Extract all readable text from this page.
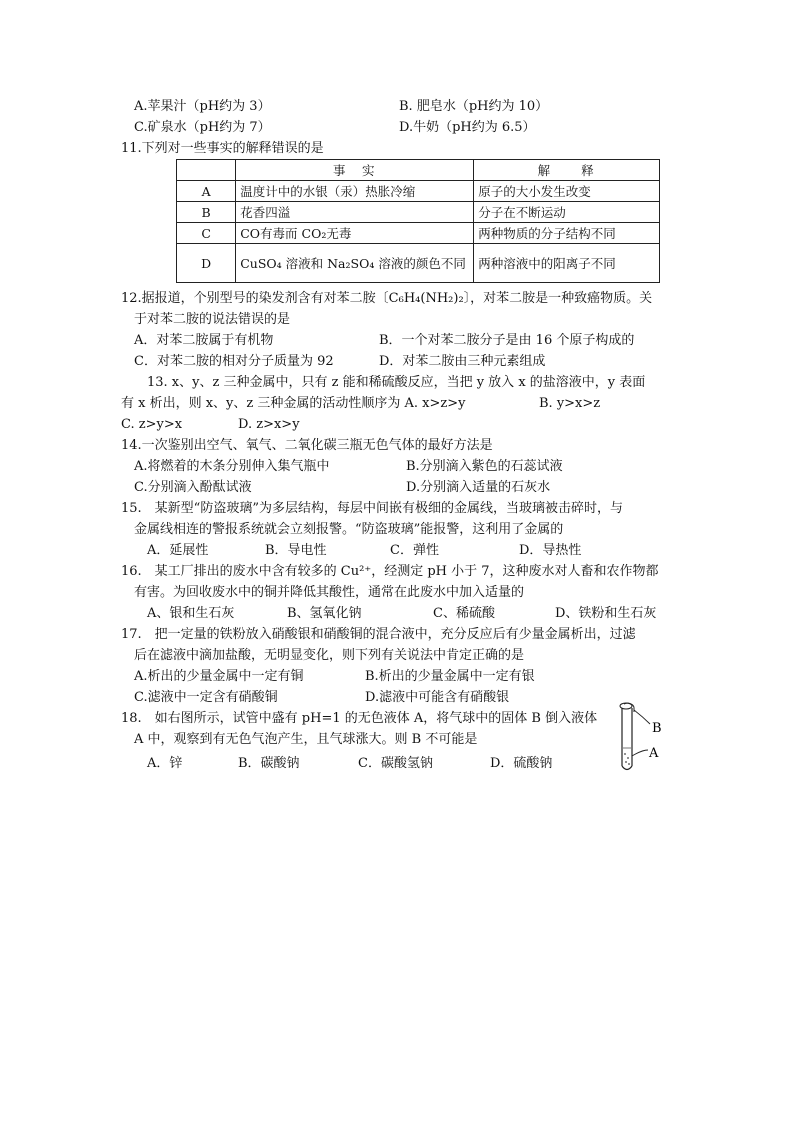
A.苹果汁（pH约为 3）	B. 肥皂水（pH约为 10）
C.矿泉水（pH约为 7）	D.牛奶（pH约为 6.5）
11.下列对一些事实的解释错误的是
	事　实	解　　释
A	温度计中的水银（汞）热胀冷缩	原子的大小发生改变
B	花香四溢	分子在不断运动
C	CO有毒而 CO₂无毒	两种物质的分子结构不同
D	CuSO₄ 溶液和 Na₂SO₄ 溶液的颜色不同	两种溶液中的阳离子不同
12.据报道，个别型号的染发剂含有对苯二胺〔C₆H₄(NH₂)₂〕，对苯二胺是一种致癌物质。关
于对苯二胺的说法错误的是
A．对苯二胺属于有机物	B．一个对苯二胺分子是由 16 个原子构成的
C．对苯二胺的相对分子质量为 92	D．对苯二胺由三种元素组成
13. x、y、z 三种金属中，只有 z 能和稀硫酸反应，当把 y 放入 x 的盐溶液中，y 表面
有 x 析出，则 x、y、z 三种金属的活动性顺序为 A. x>z>y	B. y>x>z
C. z>y>x	D. z>x>y
14.一次鉴别出空气、氧气、二氧化碳三瓶无色气体的最好方法是
A.将燃着的木条分别伸入集气瓶中	B.分别滴入紫色的石蕊试液
C.分别滴入酚酞试液	D.分别滴入适量的石灰水
15.　某新型“防盗玻璃”为多层结构，每层中间嵌有极细的金属线，当玻璃被击碎时，与
金属线相连的警报系统就会立刻报警。“防盗玻璃”能报警，这利用了金属的
A．延展性	B．导电性	C．弹性	D．导热性
16.　某工厂排出的废水中含有较多的 Cu²⁺，经测定 pH 小于 7，这种废水对人畜和农作物都
有害。为回收废水中的铜并降低其酸性，通常在此废水中加入适量的
A、银和生石灰	B、氢氧化钠	C、稀硫酸	D、铁粉和生石灰
17.　把一定量的铁粉放入硝酸银和硝酸铜的混合液中，充分反应后有少量金属析出，过滤
后在滤液中滴加盐酸，无明显变化，则下列有关说法中肯定正确的是
A.析出的少量金属中一定有铜	B.析出的少量金属中一定有银
C.滤液中一定含有硝酸铜	D.滤液中可能含有硝酸银
18.　如右图所示，试管中盛有 pH=1 的无色液体 A，将气球中的固体 B 倒入液体
A 中，观察到有无色气泡产生，且气球涨大。则 B 不可能是
A．锌	B．碳酸钠	C．碳酸氢钠	D．硫酸钠
B
A
